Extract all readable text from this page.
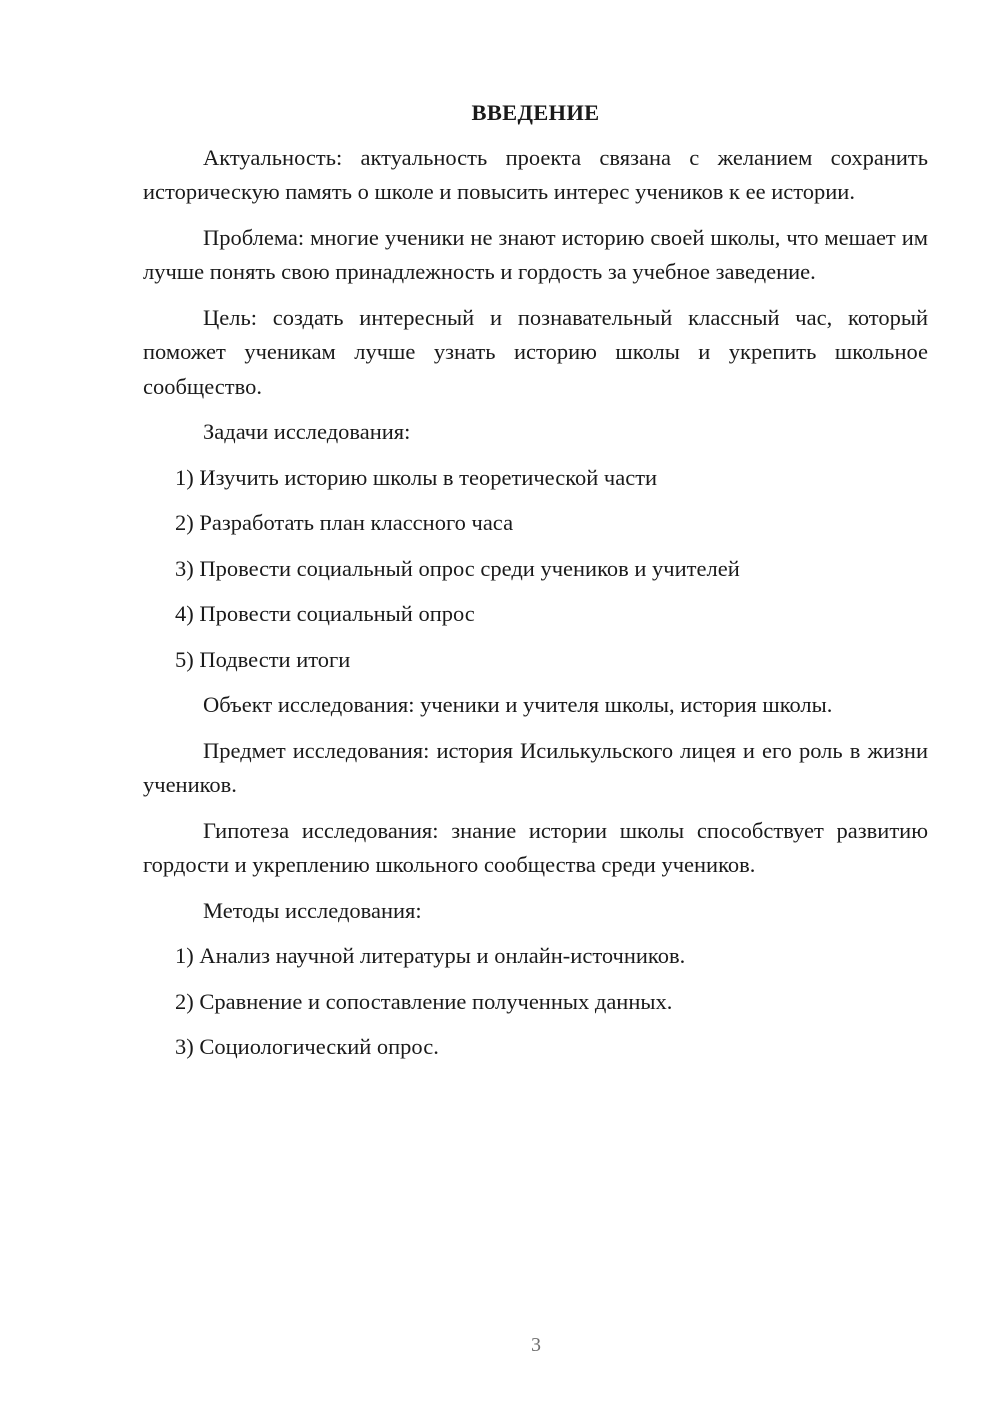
ВВЕДЕНИЕ

Актуальность: актуальность проекта связана с желанием сохранить историческую память о школе и повысить интерес учеников к ее истории.

Проблема: многие ученики не знают историю своей школы, что мешает им лучше понять свою принадлежность и гордость за учебное заведение.

Цель: создать интересный и познавательный классный час, который поможет ученикам лучше узнать историю школы и укрепить школьное сообщество.

Задачи исследования:

1) Изучить историю школы в теоретической части
2) Разработать план классного часа
3) Провести социальный опрос среди учеников и учителей
4) Провести социальный опрос
5) Подвести итоги

Объект исследования: ученики и учителя школы, история школы.

Предмет исследования: история Исилькульского лицея и его роль в жизни учеников.

Гипотеза исследования: знание истории школы способствует развитию гордости и укреплению школьного сообщества среди учеников.

Методы исследования:

1) Анализ научной литературы и онлайн-источников.
2) Сравнение и сопоставление полученных данных.
3) Социологический опрос.
3
